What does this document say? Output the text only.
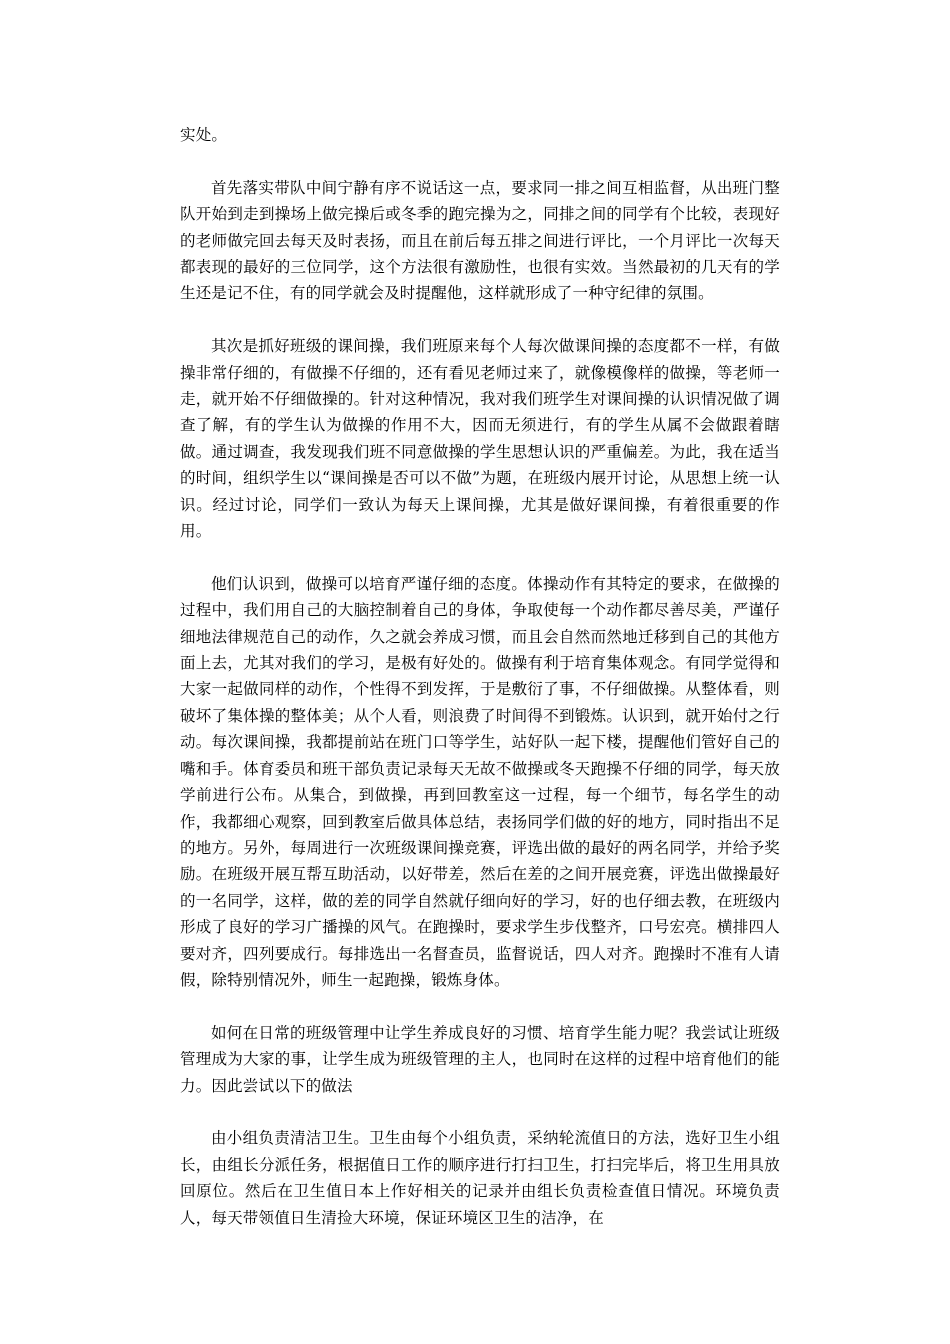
实处。

首先落实带队中间宁静有序不说话这一点，要求同一排之间互相监督，从出班门整队开始到走到操场上做完操后或冬季的跑完操为之，同排之间的同学有个比较，表现好的老师做完回去每天及时表扬，而且在前后每五排之间进行评比，一个月评比一次每天都表现的最好的三位同学，这个方法很有激励性，也很有实效。当然最初的几天有的学生还是记不住，有的同学就会及时提醒他，这样就形成了一种守纪律的氛围。

其次是抓好班级的课间操，我们班原来每个人每次做课间操的态度都不一样，有做操非常仔细的，有做操不仔细的，还有看见老师过来了，就像模像样的做操，等老师一走，就开始不仔细做操的。针对这种情况，我对我们班学生对课间操的认识情况做了调查了解，有的学生认为做操的作用不大，因而无须进行，有的学生从属不会做跟着瞎做。通过调查，我发现我们班不同意做操的学生思想认识的严重偏差。为此，我在适当的时间，组织学生以“课间操是否可以不做”为题，在班级内展开讨论，从思想上统一认识。经过讨论，同学们一致认为每天上课间操，尤其是做好课间操，有着很重要的作用。

他们认识到，做操可以培育严谨仔细的态度。体操动作有其特定的要求，在做操的过程中，我们用自己的大脑控制着自己的身体，争取使每一个动作都尽善尽美，严谨仔细地法律规范自己的动作，久之就会养成习惯，而且会自然而然地迁移到自己的其他方面上去，尤其对我们的学习，是极有好处的。做操有利于培育集体观念。有同学觉得和大家一起做同样的动作，个性得不到发挥，于是敷衍了事，不仔细做操。从整体看，则破坏了集体操的整体美；从个人看，则浪费了时间得不到锻炼。认识到，就开始付之行动。每次课间操，我都提前站在班门口等学生，站好队一起下楼，提醒他们管好自己的嘴和手。体育委员和班干部负责记录每天无故不做操或冬天跑操不仔细的同学，每天放学前进行公布。从集合，到做操，再到回教室这一过程，每一个细节，每名学生的动作，我都细心观察，回到教室后做具体总结，表扬同学们做的好的地方，同时指出不足的地方。另外，每周进行一次班级课间操竞赛，评选出做的最好的两名同学，并给予奖励。在班级开展互帮互助活动，以好带差，然后在差的之间开展竞赛，评选出做操最好的一名同学，这样，做的差的同学自然就仔细向好的学习，好的也仔细去教，在班级内形成了良好的学习广播操的风气。在跑操时，要求学生步伐整齐，口号宏亮。横排四人要对齐，四列要成行。每排选出一名督查员，监督说话，四人对齐。跑操时不准有人请假，除特别情况外，师生一起跑操，锻炼身体。

如何在日常的班级管理中让学生养成良好的习惯、培育学生能力呢？我尝试让班级管理成为大家的事，让学生成为班级管理的主人，也同时在这样的过程中培育他们的能力。因此尝试以下的做法

由小组负责清洁卫生。卫生由每个小组负责，采纳轮流值日的方法，选好卫生小组长，由组长分派任务，根据值日工作的顺序进行打扫卫生，打扫完毕后，将卫生用具放回原位。然后在卫生值日本上作好相关的记录并由组长负责检查值日情况。环境负责人，每天带领值日生清捡大环境，保证环境区卫生的洁净，在
